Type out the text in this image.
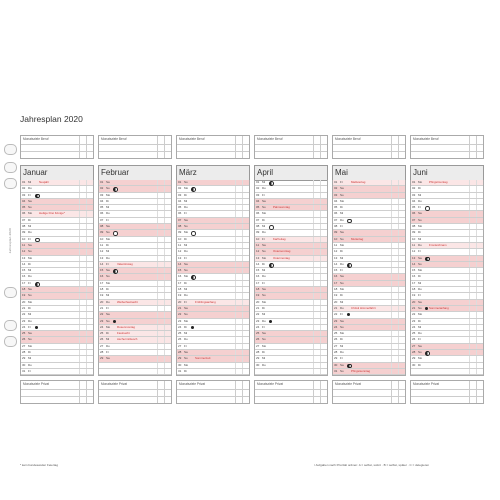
Jahresplan 2020
Jahresplan 2020
Monatsziele Beruf
Januar
01 Mi	Neujahr
02 Do
03 Fr
04 Sa
05 So
06 Mo	Heilige Drei Könige*
07 Di
08 Mi
09 Do
10 Fr
11 Sa
12 So
13 Mo
14 Di
15 Mi
16 Do
17 Fr
18 Sa
19 So
20 Mo
21 Di
22 Mi
23 Do
24 Fr
25 Sa
26 So
27 Mo
28 Di
29 Mi
30 Do
31 Fr
Monatsziele Privat
Monatsziele Beruf
Februar
01 Sa
02 So
03 Mo
04 Di
05 Mi
06 Do
07 Fr
08 Sa
09 So
10 Mo
11 Di
12 Mi
13 Do
14 Fr	Valentinstag
15 Sa
16 So
17 Mo
18 Di
19 Mi
20 Do	Weiberfastnacht
21 Fr
22 Sa
23 So
24 Mo	Rosenmontag
25 Di	Fastnacht
26 Mi	Aschermittwoch
27 Do
28 Fr
29 Sa
Monatsziele Privat
Monatsziele Beruf
März
01 So
02 Mo
03 Di
04 Mi
05 Do
06 Fr
07 Sa
08 So
09 Mo
10 Di
11 Mi
12 Do
13 Fr
14 Sa
15 So
16 Mo
17 Di
18 Mi
19 Do
20 Fr	Frühlingsanfang
21 Sa
22 So
23 Mo
24 Di
25 Mi
26 Do
27 Fr
28 Sa
29 So	Sommerzeit
30 Mo
31 Di
Monatsziele Privat
Monatsziele Beruf
April
01 Mi
02 Do
03 Fr
04 Sa
05 So	Palmsonntag
06 Mo
07 Di
08 Mi
09 Do
10 Fr	Karfreitag
11 Sa
12 So	Ostersonntag
13 Mo	Ostermontag
14 Di
15 Mi
16 Do
17 Fr
18 Sa
19 So
20 Mo
21 Di
22 Mi
23 Do
24 Fr
25 Sa
26 So
27 Mo
28 Di
29 Mi
30 Do
Monatsziele Privat
Monatsziele Beruf
Mai
01 Fr	Maifeiertag
02 Sa
03 So
04 Mo
05 Di
06 Mi
07 Do
08 Fr
09 Sa
10 So	Muttertag
11 Mo
12 Di
13 Mi
14 Do
15 Fr
16 Sa
17 So
18 Mo
19 Di
20 Mi
21 Do	Christi Himmelfahrt
22 Fr
23 Sa
24 So
25 Mo
26 Di
27 Mi
28 Do
29 Fr
30 Sa
31 So	Pfingstsonntag
Monatsziele Privat
Monatsziele Beruf
Juni
01 Mo	Pfingstmontag
02 Di
03 Mi
04 Do
05 Fr
06 Sa
07 So
08 Mo
09 Di
10 Mi
11 Do	Fronleichnam
12 Fr
13 Sa
14 So
15 Mo
16 Di
17 Mi
18 Do
19 Fr
20 Sa
21 So	Sommeranfang
22 Mo
23 Di
24 Mi
25 Do
26 Fr
27 Sa
28 So
29 Mo
30 Di
Monatsziele Privat
* kein bundesweiter Feiertag	¹ Aufgaben nach Priorität ordnen: A = selbst, sofort · B = selbst, später · C = delegieren
